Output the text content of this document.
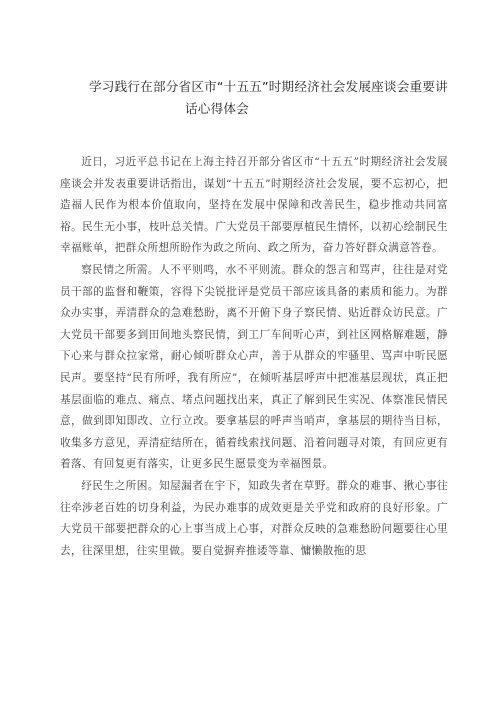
学习践行在部分省区市“十五五”时期经济社会发展座谈会重要讲
话心得体会

近日，习近平总书记在上海主持召开部分省区市“十五五”时期经济社会发展座谈会并发表重要讲话指出，谋划“十五五”时期经济社会发展，要不忘初心，把造福人民作为根本价值取向，坚持在发展中保障和改善民生，稳步推动共同富裕。民生无小事，枝叶总关情。广大党员干部要厚植民生情怀，以初心绘制民生幸福账单，把群众所想所盼作为政之所向、政之所为，奋力答好群众满意答卷。

察民情之所需。人不平则鸣，水不平则流。群众的怨言和骂声，往往是对党员干部的监督和鞭策，容得下尖锐批评是党员干部应该具备的素质和能力。为群众办实事，弄清群众的急难愁盼，离不开俯下身子察民情、贴近群众访民意。广大党员干部要多到田间地头察民情，到工厂车间听心声，到社区网格解难题，静下心来与群众拉家常，耐心倾听群众心声，善于从群众的牢骚里、骂声中听民愿民声。要坚持“民有所呼，我有所应”，在倾听基层呼声中把准基层现状，真正把基层面临的难点、痛点、堵点问题找出来，真正了解到民生实况、体察准民情民意，做到即知即改、立行立改。要拿基层的呼声当哨声，拿基层的期待当目标，收集多方意见，弄清症结所在，循着线索找问题、沿着问题寻对策，有回应更有着落、有回复更有落实，让更多民生愿景变为幸福图景。

纾民生之所困。知屋漏者在宇下，知政失者在草野。群众的难事、揪心事往往牵涉老百姓的切身利益，为民办难事的成效更是关乎党和政府的良好形象。广大党员干部要把群众的心上事当成上心事，对群众反映的急难愁盼问题要往心里去，往深里想，往实里做。要自觉摒弃推诿等靠、慵懒散拖的思
